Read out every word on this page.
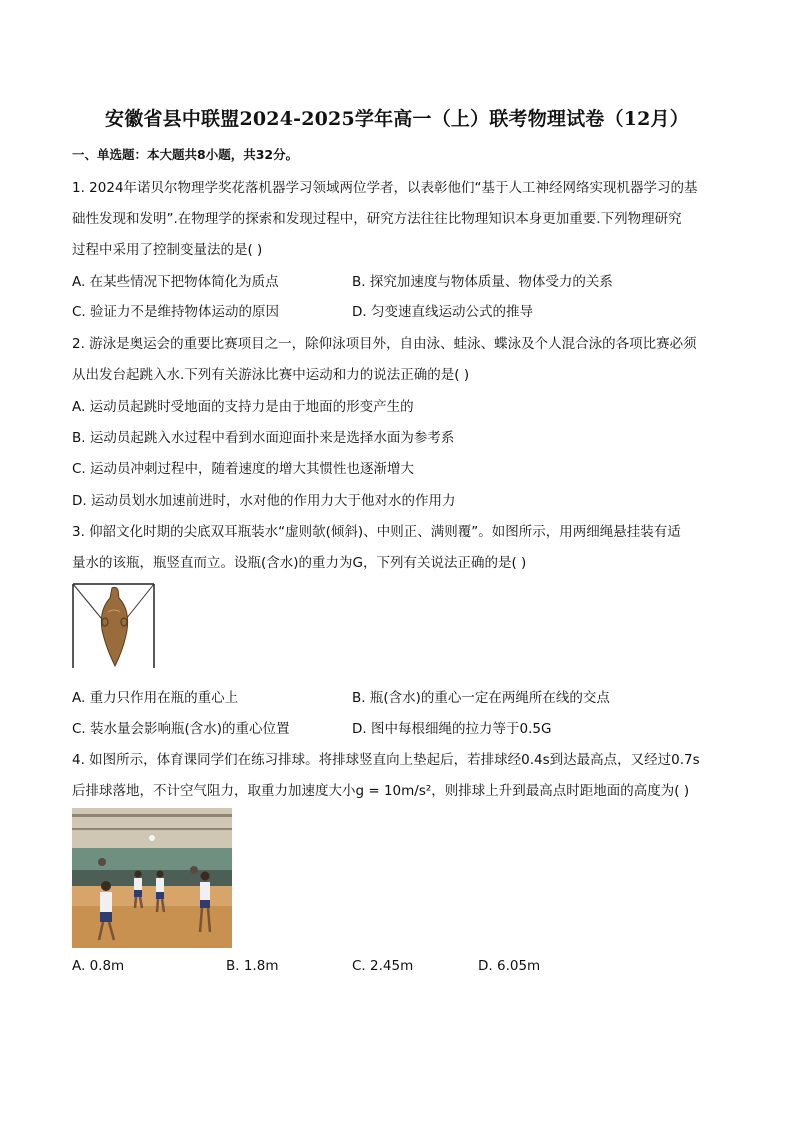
安徽省县中联盟2024-2025学年高一（上）联考物理试卷（12月）
一、单选题：本大题共8小题，共32分。
1. 2024年诺贝尔物理学奖花落机器学习领域两位学者，以表彰他们“基于人工神经网络实现机器学习的基
础性发现和发明”.在物理学的探索和发现过程中，研究方法往往比物理知识本身更加重要.下列物理研究
过程中采用了控制变量法的是( )
A. 在某些情况下把物体简化为质点	B. 探究加速度与物体质量、物体受力的关系
C. 验证力不是维持物体运动的原因	D. 匀变速直线运动公式的推导
2. 游泳是奥运会的重要比赛项目之一，除仰泳项目外，自由泳、蛙泳、蝶泳及个人混合泳的各项比赛必须
从出发台起跳入水.下列有关游泳比赛中运动和力的说法正确的是( )
A. 运动员起跳时受地面的支持力是由于地面的形变产生的
B. 运动员起跳入水过程中看到水面迎面扑来是选择水面为参考系
C. 运动员冲刺过程中，随着速度的增大其惯性也逐渐增大
D. 运动员划水加速前进时，水对他的作用力大于他对水的作用力
3. 仰韶文化时期的尖底双耳瓶装水“虚则欹(倾斜)、中则正、满则覆”。如图所示，用两细绳悬挂装有适
量水的该瓶，瓶竖直而立。设瓶(含水)的重力为G，下列有关说法正确的是( )
A. 重力只作用在瓶的重心上	B. 瓶(含水)的重心一定在两绳所在线的交点
C. 装水量会影响瓶(含水)的重心位置	D. 图中每根细绳的拉力等于0.5G
4. 如图所示，体育课同学们在练习排球。将排球竖直向上垫起后，若排球经0.4s到达最高点，又经过0.7s
后排球落地，不计空气阻力，取重力加速度大小g = 10m/s²，则排球上升到最高点时距地面的高度为( )
A. 0.8m	B. 1.8m	C. 2.45m	D. 6.05m
